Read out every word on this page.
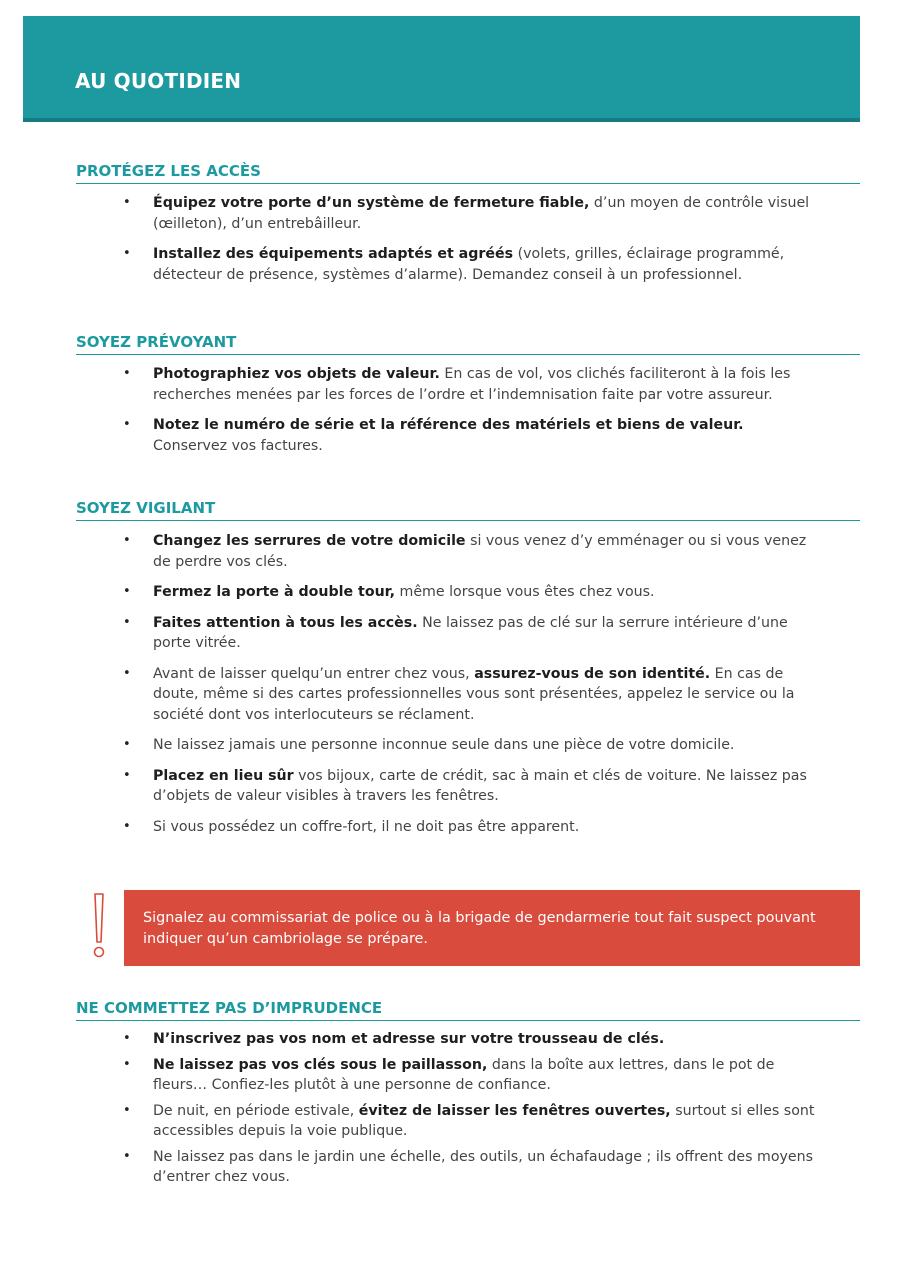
AU QUOTIDIEN
PROTÉGEZ LES ACCÈS
• Équipez votre porte d’un système de fermeture fiable, d’un moyen de contrôle visuel (œilleton), d’un entrebâilleur.
• Installez des équipements adaptés et agréés (volets, grilles, éclairage programmé, détecteur de présence, systèmes d’alarme). Demandez conseil à un professionnel.
SOYEZ PRÉVOYANT
• Photographiez vos objets de valeur. En cas de vol, vos clichés faciliteront à la fois les recherches menées par les forces de l’ordre et l’indemnisation faite par votre assureur.
• Notez le numéro de série et la référence des matériels et biens de valeur. Conservez vos factures.
SOYEZ VIGILANT
• Changez les serrures de votre domicile si vous venez d’y emménager ou si vous venez de perdre vos clés.
• Fermez la porte à double tour, même lorsque vous êtes chez vous.
• Faites attention à tous les accès. Ne laissez pas de clé sur la serrure intérieure d’une porte vitrée.
• Avant de laisser quelqu’un entrer chez vous, assurez-vous de son identité. En cas de doute, même si des cartes professionnelles vous sont présentées, appelez le service ou la société dont vos interlocuteurs se réclament.
• Ne laissez jamais une personne inconnue seule dans une pièce de votre domicile.
• Placez en lieu sûr vos bijoux, carte de crédit, sac à main et clés de voiture. Ne laissez pas d’objets de valeur visibles à travers les fenêtres.
• Si vous possédez un coffre-fort, il ne doit pas être apparent.
Signalez au commissariat de police ou à la brigade de gendarmerie tout fait suspect pouvant indiquer qu’un cambriolage se prépare.
NE COMMETTEZ PAS D’IMPRUDENCE
• N’inscrivez pas vos nom et adresse sur votre trousseau de clés.
• Ne laissez pas vos clés sous le paillasson, dans la boîte aux lettres, dans le pot de fleurs… Confiez-les plutôt à une personne de confiance.
• De nuit, en période estivale, évitez de laisser les fenêtres ouvertes, surtout si elles sont accessibles depuis la voie publique.
• Ne laissez pas dans le jardin une échelle, des outils, un échafaudage ; ils offrent des moyens d’entrer chez vous.
